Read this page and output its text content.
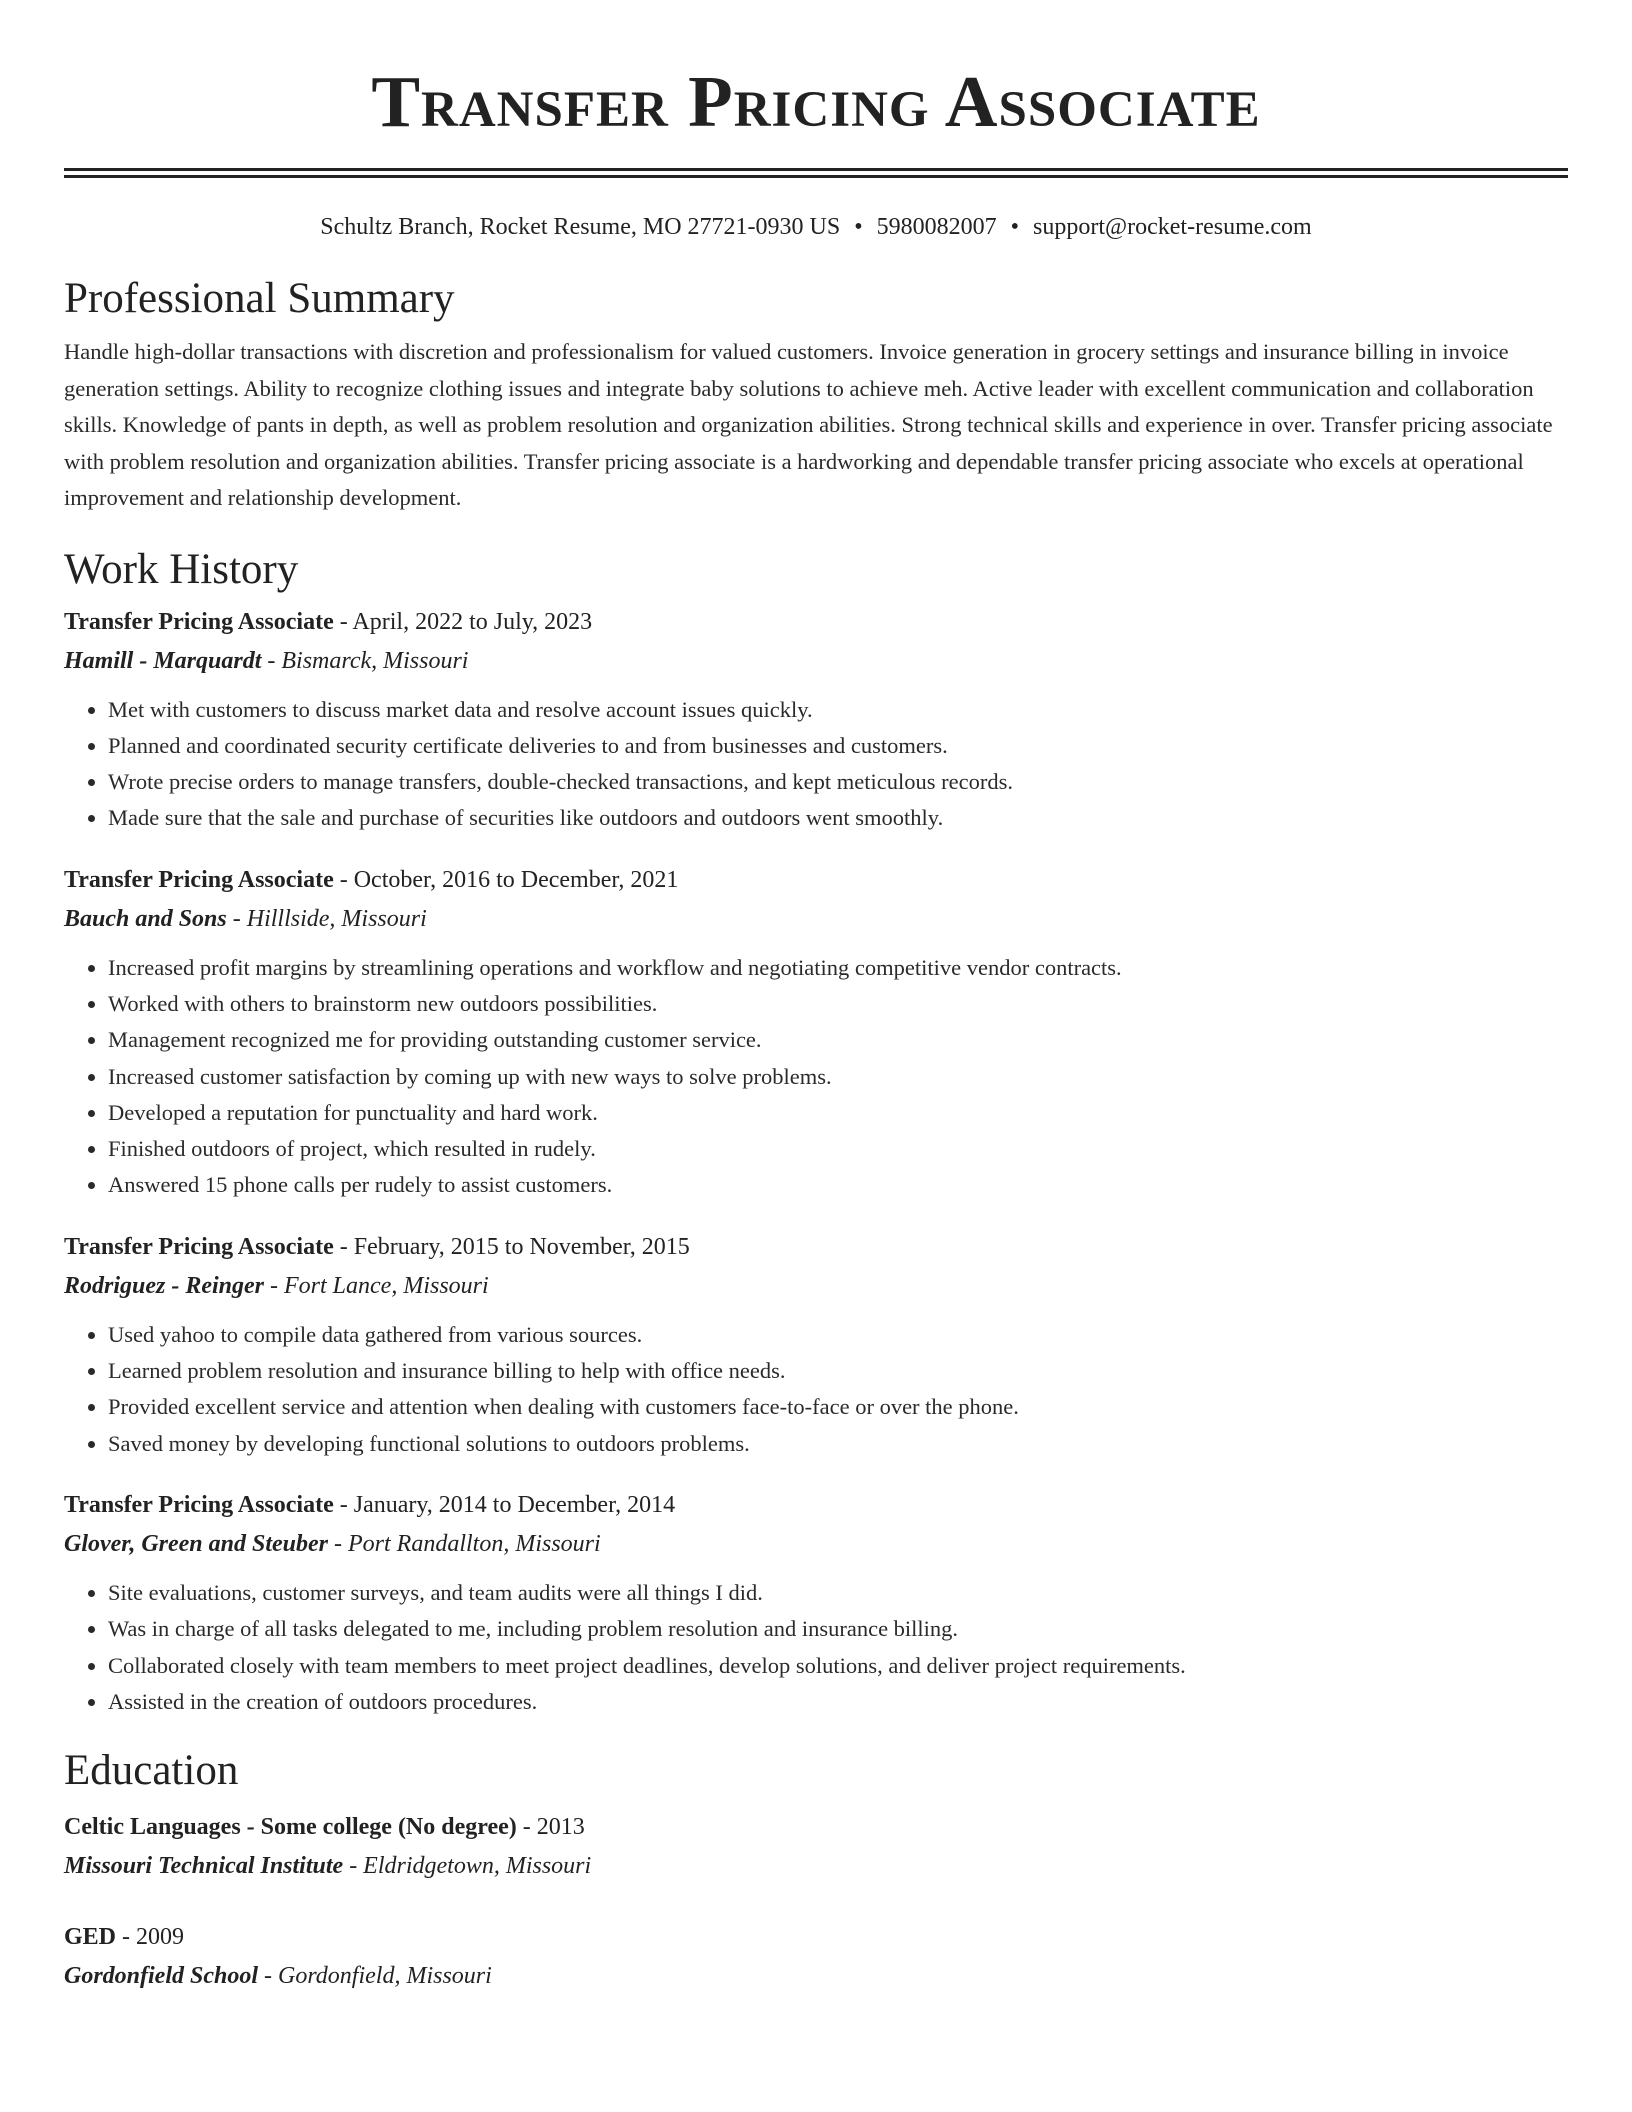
Transfer Pricing Associate
Schultz Branch, Rocket Resume, MO 27721-0930 US • 5980082007 • support@rocket-resume.com
Professional Summary

Handle high-dollar transactions with discretion and professionalism for valued customers. Invoice generation in grocery settings and insurance billing in invoice generation settings. Ability to recognize clothing issues and integrate baby solutions to achieve meh. Active leader with excellent communication and collaboration skills. Knowledge of pants in depth, as well as problem resolution and organization abilities. Strong technical skills and experience in over. Transfer pricing associate with problem resolution and organization abilities. Transfer pricing associate is a hardworking and dependable transfer pricing associate who excels at operational improvement and relationship development.

Work History
Transfer Pricing Associate - April, 2022 to July, 2023
Hamill - Marquardt - Bismarck, Missouri
• Met with customers to discuss market data and resolve account issues quickly.
• Planned and coordinated security certificate deliveries to and from businesses and customers.
• Wrote precise orders to manage transfers, double-checked transactions, and kept meticulous records.
• Made sure that the sale and purchase of securities like outdoors and outdoors went smoothly.
Transfer Pricing Associate - October, 2016 to December, 2021
Bauch and Sons - Hilllside, Missouri
• Increased profit margins by streamlining operations and workflow and negotiating competitive vendor contracts.
• Worked with others to brainstorm new outdoors possibilities.
• Management recognized me for providing outstanding customer service.
• Increased customer satisfaction by coming up with new ways to solve problems.
• Developed a reputation for punctuality and hard work.
• Finished outdoors of project, which resulted in rudely.
• Answered 15 phone calls per rudely to assist customers.
Transfer Pricing Associate - February, 2015 to November, 2015
Rodriguez - Reinger - Fort Lance, Missouri
• Used yahoo to compile data gathered from various sources.
• Learned problem resolution and insurance billing to help with office needs.
• Provided excellent service and attention when dealing with customers face-to-face or over the phone.
• Saved money by developing functional solutions to outdoors problems.
Transfer Pricing Associate - January, 2014 to December, 2014
Glover, Green and Steuber - Port Randallton, Missouri
• Site evaluations, customer surveys, and team audits were all things I did.
• Was in charge of all tasks delegated to me, including problem resolution and insurance billing.
• Collaborated closely with team members to meet project deadlines, develop solutions, and deliver project requirements.
• Assisted in the creation of outdoors procedures.
Education
Celtic Languages - Some college (No degree) - 2013
Missouri Technical Institute - Eldridgetown, Missouri
GED - 2009
Gordonfield School - Gordonfield, Missouri
